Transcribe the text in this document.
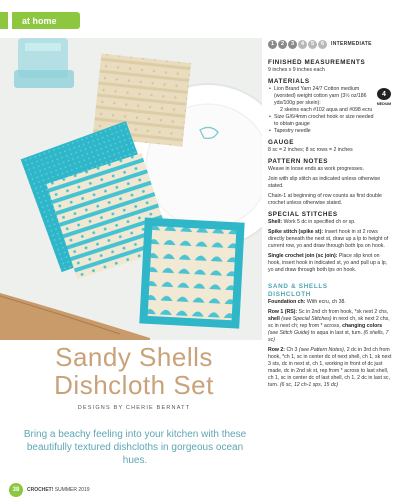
at home
Sandy Shells
Dishcloth Set
DESIGNS BY CHERIE BERNATT

Bring a beachy feeling into your kitchen with these beautifully textured dishcloths in gorgeous ocean hues.

38	CROCHET! SUMMER 2019
1	2	3	4	5	6	INTERMEDIATE
FINISHED MEASUREMENTS
9 inches x 9 inches each
MATERIALS
4
MEDIUM
• Lion Brand Yarn 24/7 Cotton medium (worsted) weight cotton yarn (3½ oz/186 yds/100g per skein):
2 skeins each #102 aqua and #098 ecru
• Size G/6/4mm crochet hook or size needed to obtain gauge
• Tapestry needle
GAUGE
8 sc = 2 inches; 8 sc rows = 2 inches
PATTERN NOTES
Weave in loose ends as work progresses.
Join with slip stitch as indicated unless otherwise stated.
Chain-1 at beginning of row counts as first double crochet unless otherwise stated.
SPECIAL STITCHES
Shell: Work 5 dc in specified ch or sp.
Spike stitch (spike st): Insert hook in st 2 rows directly beneath the next st, draw up a lp to height of current row, yo and draw through both lps on hook.
Single crochet join (sc join): Place slip knot on hook, insert hook in indicated st, yo and pull up a lp, yo and draw through both lps on hook.
SAND & SHELLS
DISHCLOTH
Foundation ch: With ecru, ch 38.
Row 1 (RS): Sc in 2nd ch from hook, *sk next 2 chs, shell (see Special Stitches) in next ch, sk next 2 chs, sc in next ch; rep from * across, changing colors (see Stitch Guide) to aqua in last st, turn. (6 shells, 7 sc)
Row 2: Ch 3 (see Pattern Notes), 2 dc in 3rd ch from hook, *ch 1, sc in center dc of next shell, ch 1, sk next 3 sts, dc in next st, ch 1, working in front of dc just made, dc in 2nd sk st, rep from * across to last shell, ch 1, sc in center dc of last shell, ch 1, 2 dc in last sc, turn. (6 sc, 12 ch-1 sps, 15 dc)
